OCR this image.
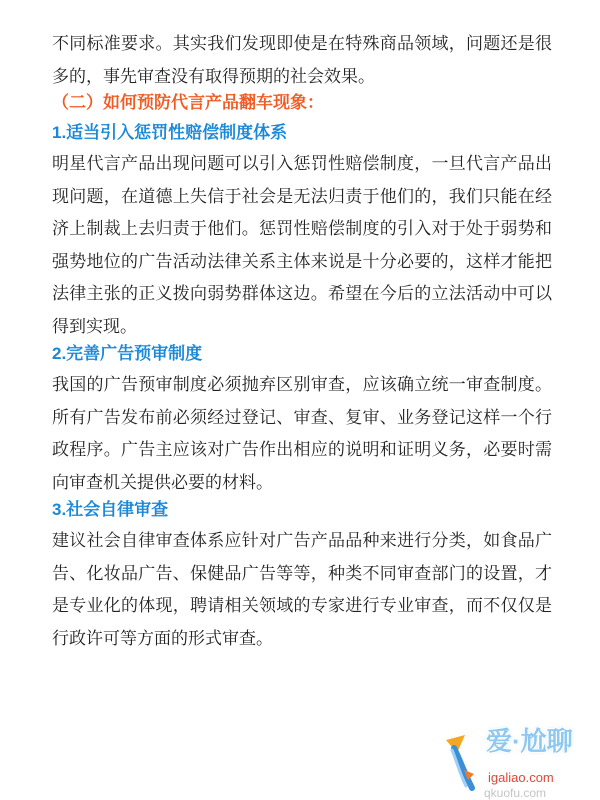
不同标准要求。其实我们发现即使是在特殊商品领域，问题还是很
多的，事先审查没有取得预期的社会效果。
（二）如何预防代言产品翻车现象：
1.适当引入惩罚性赔偿制度体系
明星代言产品出现问题可以引入惩罚性赔偿制度，一旦代言产品出
现问题，在道德上失信于社会是无法归责于他们的，我们只能在经
济上制裁上去归责于他们。惩罚性赔偿制度的引入对于处于弱势和
强势地位的广告活动法律关系主体来说是十分必要的，这样才能把
法律主张的正义拨向弱势群体这边。希望在今后的立法活动中可以
得到实现。
2.完善广告预审制度
我国的广告预审制度必须抛弃区别审查，应该确立统一审查制度。
所有广告发布前必须经过登记、审查、复审、业务登记这样一个行
政程序。广告主应该对广告作出相应的说明和证明义务，必要时需
向审查机关提供必要的材料。
3.社会自律审查
建议社会自律审查体系应针对广告产品品种来进行分类，如食品广
告、化妆品广告、保健品广告等等，种类不同审查部门的设置，才
是专业化的体现，聘请相关领域的专家进行专业审查，而不仅仅是
行政许可等方面的形式审查。
爱·尬聊
igaliao.com
qkuofu.com
